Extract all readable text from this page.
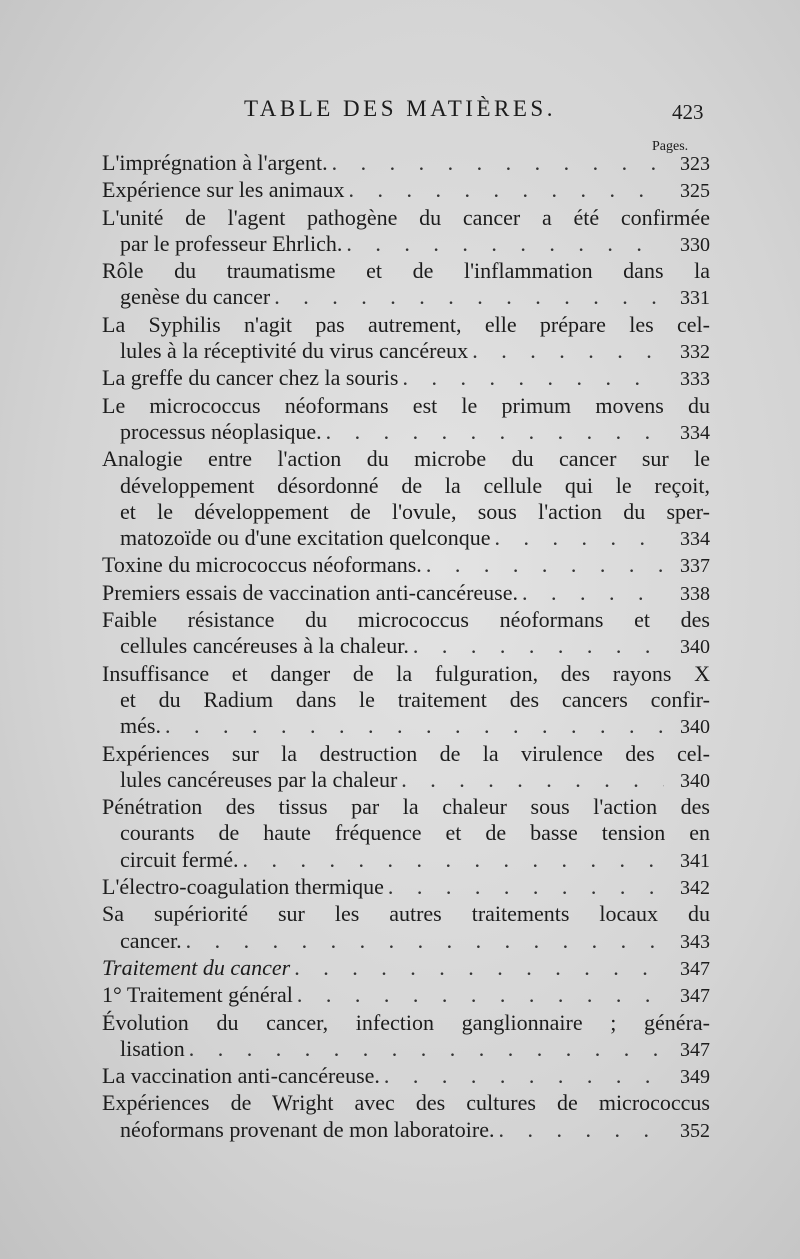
TABLE DES MATIÈRES.	423
Pages.
L'imprégnation à l'argent. . . .	323
Expérience sur les animaux . . .	325
L'unité de l'agent pathogène du cancer a été confirmée
par le professeur Ehrlich. . . .	330
Rôle du traumatisme et de l'inflammation dans la
genèse du cancer . . .	331
La Syphilis n'agit pas autrement, elle prépare les cel-
lules à la réceptivité du virus cancéreux . . .	332
La greffe du cancer chez la souris . . .	333
Le micrococcus néoformans est le primum movens du
processus néoplasique. . . .	334
Analogie entre l'action du microbe du cancer sur le
développement désordonné de la cellule qui le reçoit,
et le développement de l'ovule, sous l'action du sper-
matozoïde ou d'une excitation quelconque . . .	334
Toxine du micrococcus néoformans. . . .	337
Premiers essais de vaccination anti-cancéreuse. . . .	338
Faible résistance du micrococcus néoformans et des
cellules cancéreuses à la chaleur. . . .	340
Insuffisance et danger de la fulguration, des rayons X
et du Radium dans le traitement des cancers confir-
més. . . .	340
Expériences sur la destruction de la virulence des cel-
lules cancéreuses par la chaleur . . .	340
Pénétration des tissus par la chaleur sous l'action des
courants de haute fréquence et de basse tension en
circuit fermé. . . .	341
L'électro-coagulation thermique . . .	342
Sa supériorité sur les autres traitements locaux du
cancer. . . .	343
Traitement du cancer . . .	347
1° Traitement général . . .	347
Évolution du cancer, infection ganglionnaire ; généra-
lisation . . .	347
La vaccination anti-cancéreuse. . . .	349
Expériences de Wright avec des cultures de micrococcus
néoformans provenant de mon laboratoire. . . .	352
